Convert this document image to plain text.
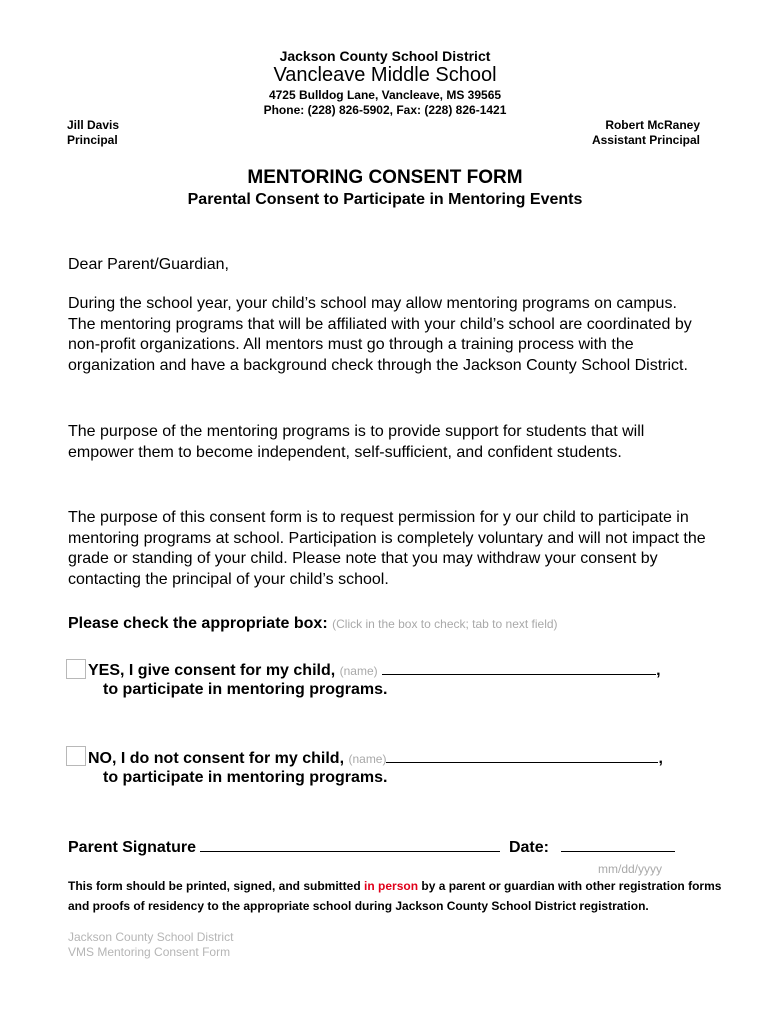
Jackson County School District
Vancleave Middle School
4725 Bulldog Lane, Vancleave, MS 39565
Phone: (228) 826-5902, Fax: (228) 826-1421
Jill Davis
Principal
Robert McRaney
Assistant Principal
MENTORING CONSENT FORM
Parental Consent to Participate in Mentoring Events
Dear Parent/Guardian,
During the school year, your child’s school may allow mentoring programs on campus. The mentoring programs that will be affiliated with your child’s school are coordinated by non-profit organizations. All mentors must go through a training process with the organization and have a background check through the Jackson County School District.
The purpose of the mentoring programs is to provide support for students that will empower them to become independent, self-sufficient, and confident students.
The purpose of this consent form is to request permission for y our child to participate in mentoring programs at school. Participation is completely voluntary and will not impact the grade or standing of your child. Please note that you may withdraw your consent by contacting the principal of your child’s school.
Please check the appropriate box: (Click in the box to check; tab to next field)
YES, I give consent for my child, (name)	,
to participate in mentoring programs.
NO, I do not consent for my child, (name)	,
to participate in mentoring programs.
Parent Signature	Date:
mm/dd/yyyy
This form should be printed, signed, and submitted in person by a parent or guardian with other registration forms and proofs of residency to the appropriate school during Jackson County School District registration.
Jackson County School District
VMS Mentoring Consent Form
